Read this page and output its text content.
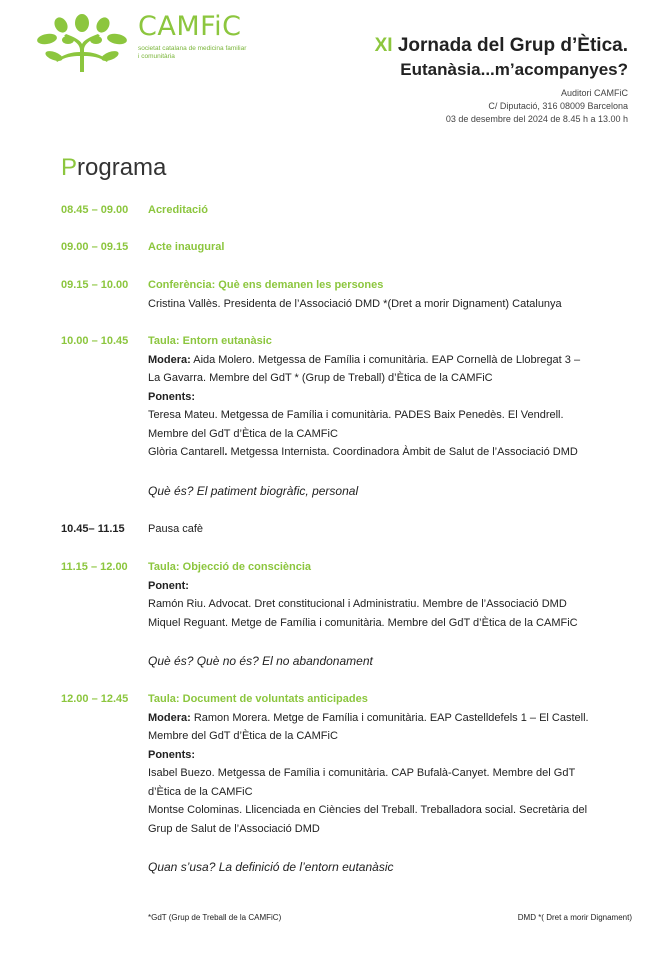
CAMFiC
societat catalana de medicina familiar i comunitària	XI Jornada del Grup d’Ètica.
Eutanàsia...m’acompanyes?
Auditori CAMFiC
C/ Diputació, 316 08009 Barcelona
03 de desembre del 2024 de 8.45 h a 13.00 h
Programa
08.45 – 09.00	Acreditació
09.00 – 09.15	Acte inaugural
09.15 – 10.00	Conferència: Què ens demanen les persones
Cristina Vallès. Presidenta de l’Associació DMD *(Dret a morir Dignament) Catalunya
10.00 – 10.45	Taula: Entorn eutanàsic
Modera: Aida Molero. Metgessa de Família i comunitària. EAP Cornellà de Llobregat 3 –
La Gavarra. Membre del GdT * (Grup de Treball) d’Ètica de la CAMFiC
Ponents:
Teresa Mateu. Metgessa de Família i comunitària. PADES Baix Penedès. El Vendrell.
Membre del GdT d’Ètica de la CAMFiC
Glòria Cantarell. Metgessa Internista. Coordinadora Àmbit de Salut de l’Associació DMD
Què és? El patiment biogràfic, personal
10.45– 11.15	Pausa cafè
11.15 – 12.00	Taula: Objecció de consciència
Ponent:
Ramón Riu. Advocat. Dret constitucional i Administratiu. Membre de l’Associació DMD
Miquel Reguant. Metge de Família i comunitària. Membre del GdT d’Ètica de la CAMFiC
Què és? Què no és? El no abandonament
12.00 – 12.45	Taula: Document de voluntats anticipades
Modera: Ramon Morera. Metge de Família i comunitària. EAP Castelldefels 1 – El Castell.
Membre del GdT d’Ètica de la CAMFiC
Ponents:
Isabel Buezo. Metgessa de Família i comunitària. CAP Bufalà-Canyet. Membre del GdT
d’Ètica de la CAMFiC
Montse Colominas. Llicenciada en Ciències del Treball. Treballadora social. Secretària del
Grup de Salut de l’Associació DMD
Quan s’usa? La definició de l’entorn eutanàsic
*GdT (Grup de Treball de la CAMFiC)	DMD *( Dret a morir Dignament)
